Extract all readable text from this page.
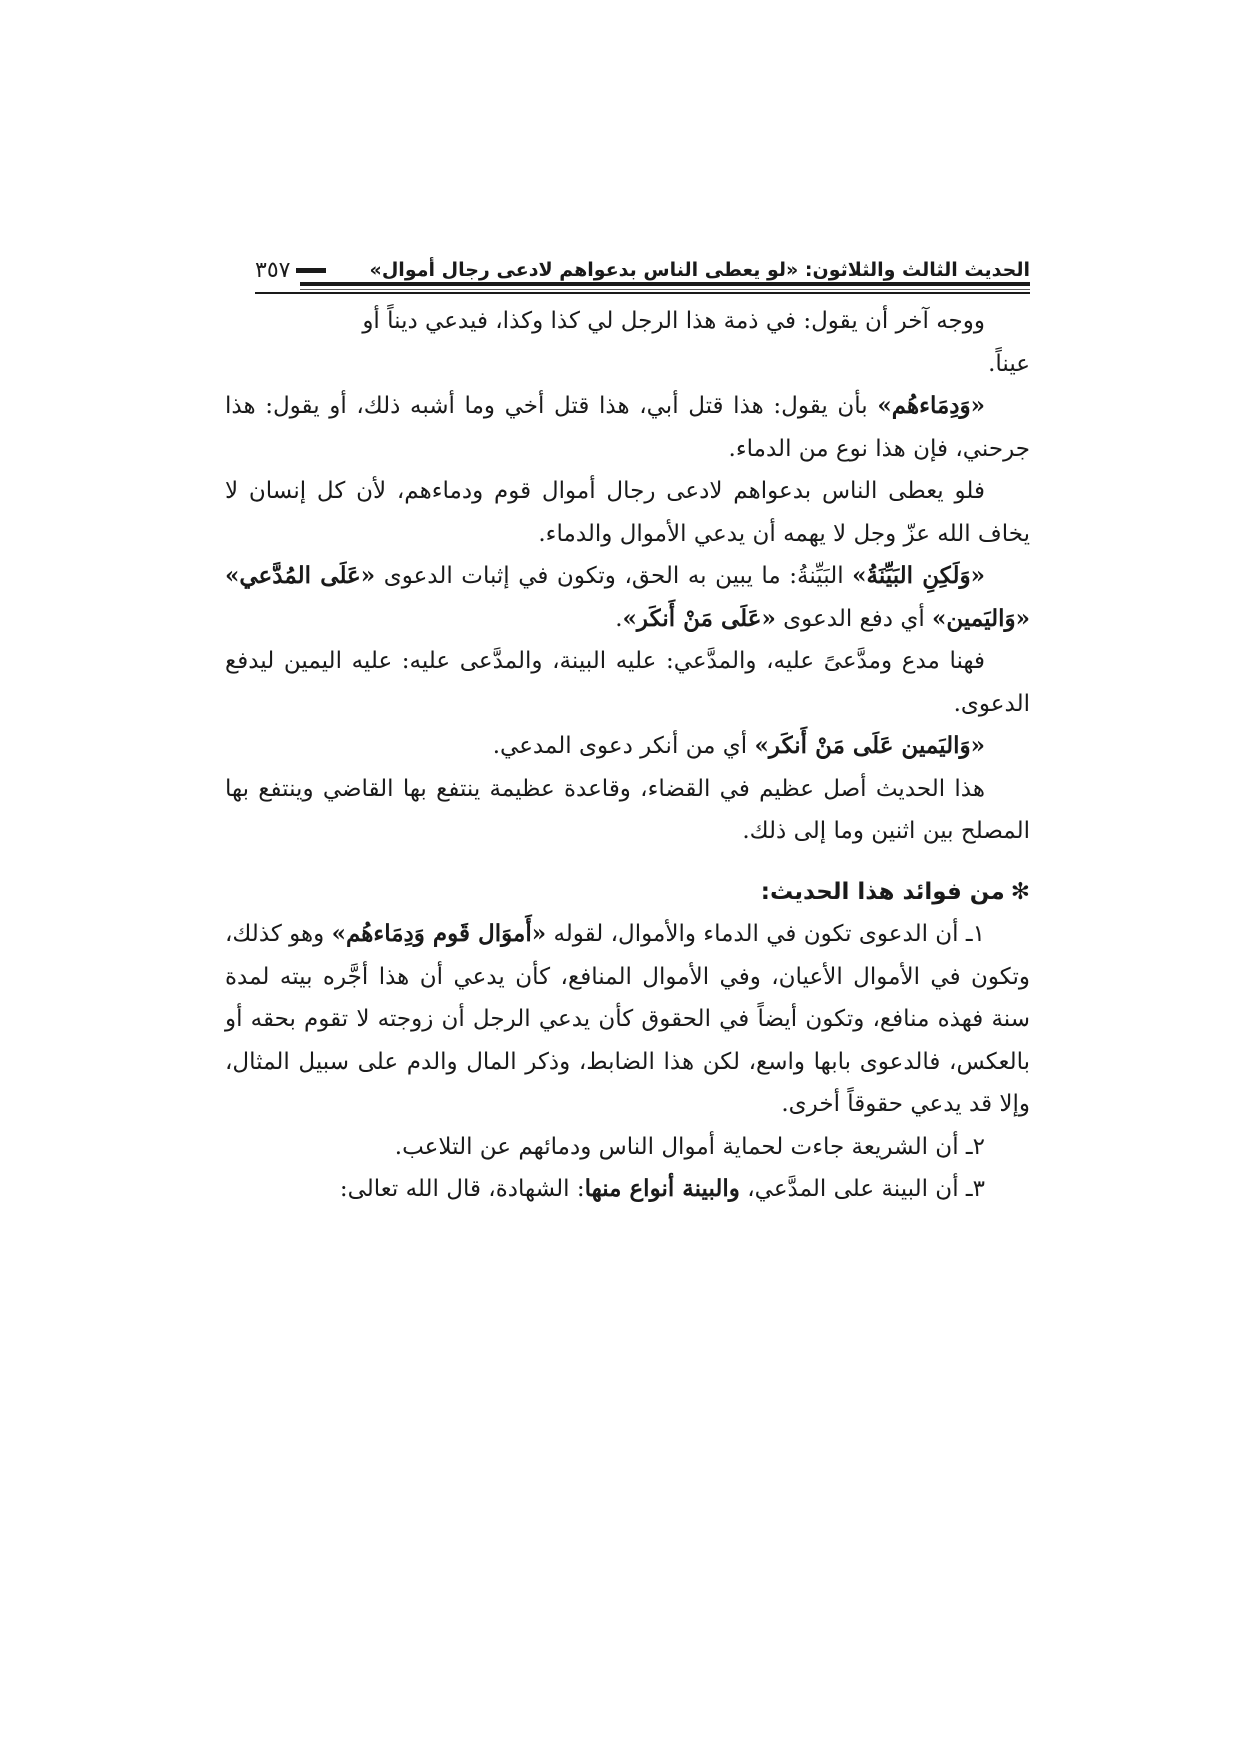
الحديث الثالث والثلاثون: «لو يعطى الناس بدعواهم لادعى رجال أموال»
٣٥٧

ووجه آخر أن يقول: في ذمة هذا الرجل لي كذا وكذا، فيدعي ديناً أو

عيناً.

«وَدِمَاءهُم» بأن يقول: هذا قتل أبي، هذا قتل أخي وما أشبه ذلك، أو يقول: هذا جرحني، فإن هذا نوع من الدماء.

فلو يعطى الناس بدعواهم لادعى رجال أموال قوم ودماءهم، لأن كل إنسان لا يخاف الله عزّ وجل لا يهمه أن يدعي الأموال والدماء.

«وَلَكِنِ البَيِّنَةُ» البَيِّنةُ: ما يبين به الحق، وتكون في إثبات الدعوى «عَلَى المُدَّعي» «وَاليَمين» أي دفع الدعوى «عَلَى مَنْ أَنكَر».

فهنا مدع ومدَّعىً عليه، والمدَّعي: عليه البينة، والمدَّعى عليه: عليه اليمين ليدفع الدعوى.

«وَاليَمين عَلَى مَنْ أَنكَر» أي من أنكر دعوى المدعي.

هذا الحديث أصل عظيم في القضاء، وقاعدة عظيمة ينتفع بها القاضي وينتفع بها المصلح بين اثنين وما إلى ذلك.

✻من فوائد هذا الحديث:

١ـ أن الدعوى تكون في الدماء والأموال، لقوله «أَموَال قَوم وَدِمَاءهُم» وهو كذلك، وتكون في الأموال الأعيان، وفي الأموال المنافع، كأن يدعي أن هذا أجَّره بيته لمدة سنة فهذه منافع، وتكون أيضاً في الحقوق كأن يدعي الرجل أن زوجته لا تقوم بحقه أو بالعكس، فالدعوى بابها واسع، لكن هذا الضابط، وذكر المال والدم على سبيل المثال، وإلا قد يدعي حقوقاً أخرى.

٢ـ أن الشريعة جاءت لحماية أموال الناس ودمائهم عن التلاعب.

٣ـ أن البينة على المدَّعي، والبينة أنواع منها: الشهادة، قال الله تعالى:
